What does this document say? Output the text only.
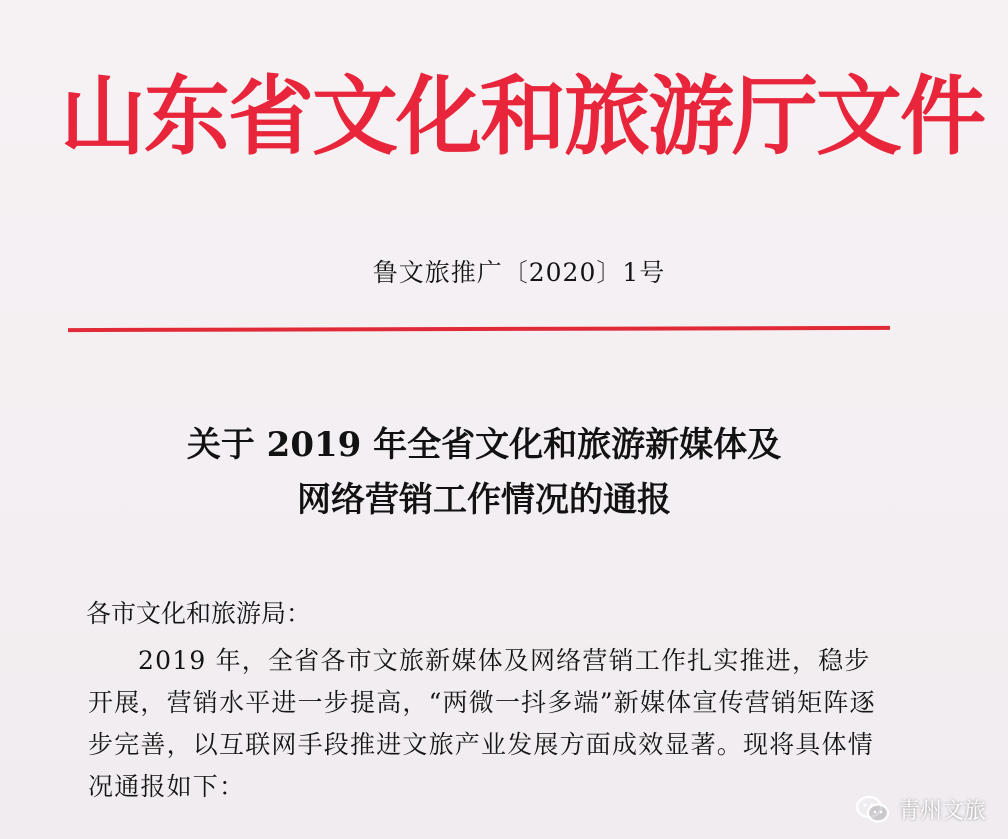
山东省文化和旅游厅文件
鲁文旅推广〔2020〕1号
关于 2019 年全省文化和旅游新媒体及
网络营销工作情况的通报

各市文化和旅游局：

2019 年，全省各市文旅新媒体及网络营销工作扎实推进，稳步开展，营销水平进一步提高，“两微一抖多端”新媒体宣传营销矩阵逐步完善，以互联网手段推进文旅产业发展方面成效显著。现将具体情况通报如下：

青州文旅
